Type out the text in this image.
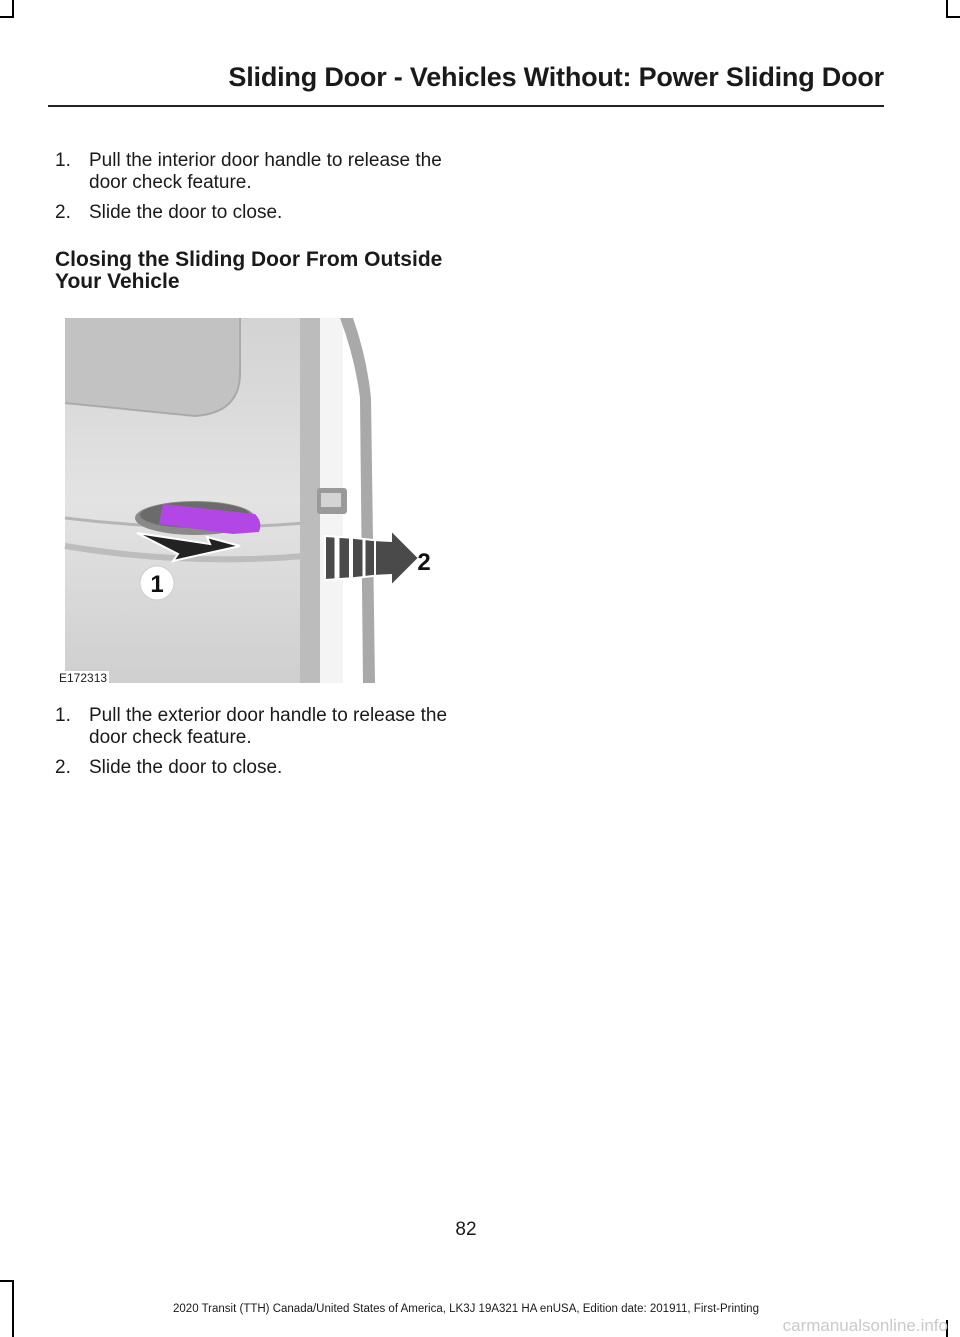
Sliding Door - Vehicles Without: Power Sliding Door
1. Pull the interior door handle to release the door check feature.
2. Slide the door to close.
Closing the Sliding Door From Outside Your Vehicle
1
2
E172313
1. Pull the exterior door handle to release the door check feature.
2. Slide the door to close.
82
2020 Transit (TTH) Canada/United States of America, LK3J 19A321 HA enUSA, Edition date: 201911, First-Printing
carmanualsonline.info
